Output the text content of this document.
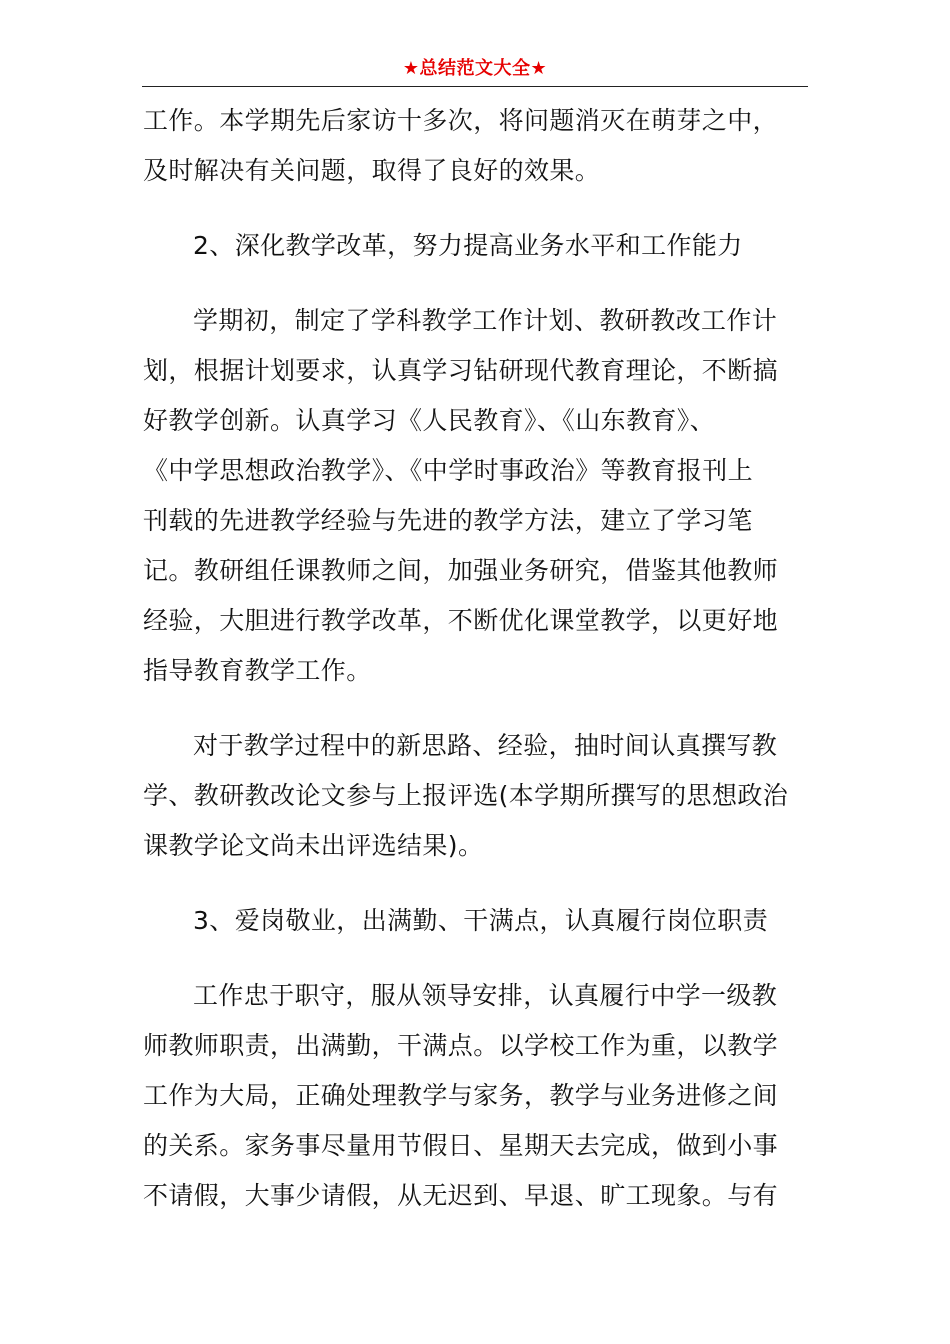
★总结范文大全★
工作。本学期先后家访十多次，将问题消灭在萌芽之中，
及时解决有关问题，取得了良好的效果。
2、深化教学改革，努力提高业务水平和工作能力
学期初，制定了学科教学工作计划、教研教改工作计
划，根据计划要求，认真学习钻研现代教育理论，不断搞
好教学创新。认真学习《人民教育》、《山东教育》、
《中学思想政治教学》、《中学时事政治》等教育报刊上
刊载的先进教学经验与先进的教学方法，建立了学习笔
记。教研组任课教师之间，加强业务研究，借鉴其他教师
经验，大胆进行教学改革，不断优化课堂教学，以更好地
指导教育教学工作。
对于教学过程中的新思路、经验，抽时间认真撰写教
学、教研教改论文参与上报评选(本学期所撰写的思想政治
课教学论文尚未出评选结果)。
3、爱岗敬业，出满勤、干满点，认真履行岗位职责
工作忠于职守，服从领导安排，认真履行中学一级教
师教师职责，出满勤，干满点。以学校工作为重，以教学
工作为大局，正确处理教学与家务，教学与业务进修之间
的关系。家务事尽量用节假日、星期天去完成，做到小事
不请假，大事少请假，从无迟到、早退、旷工现象。与有
